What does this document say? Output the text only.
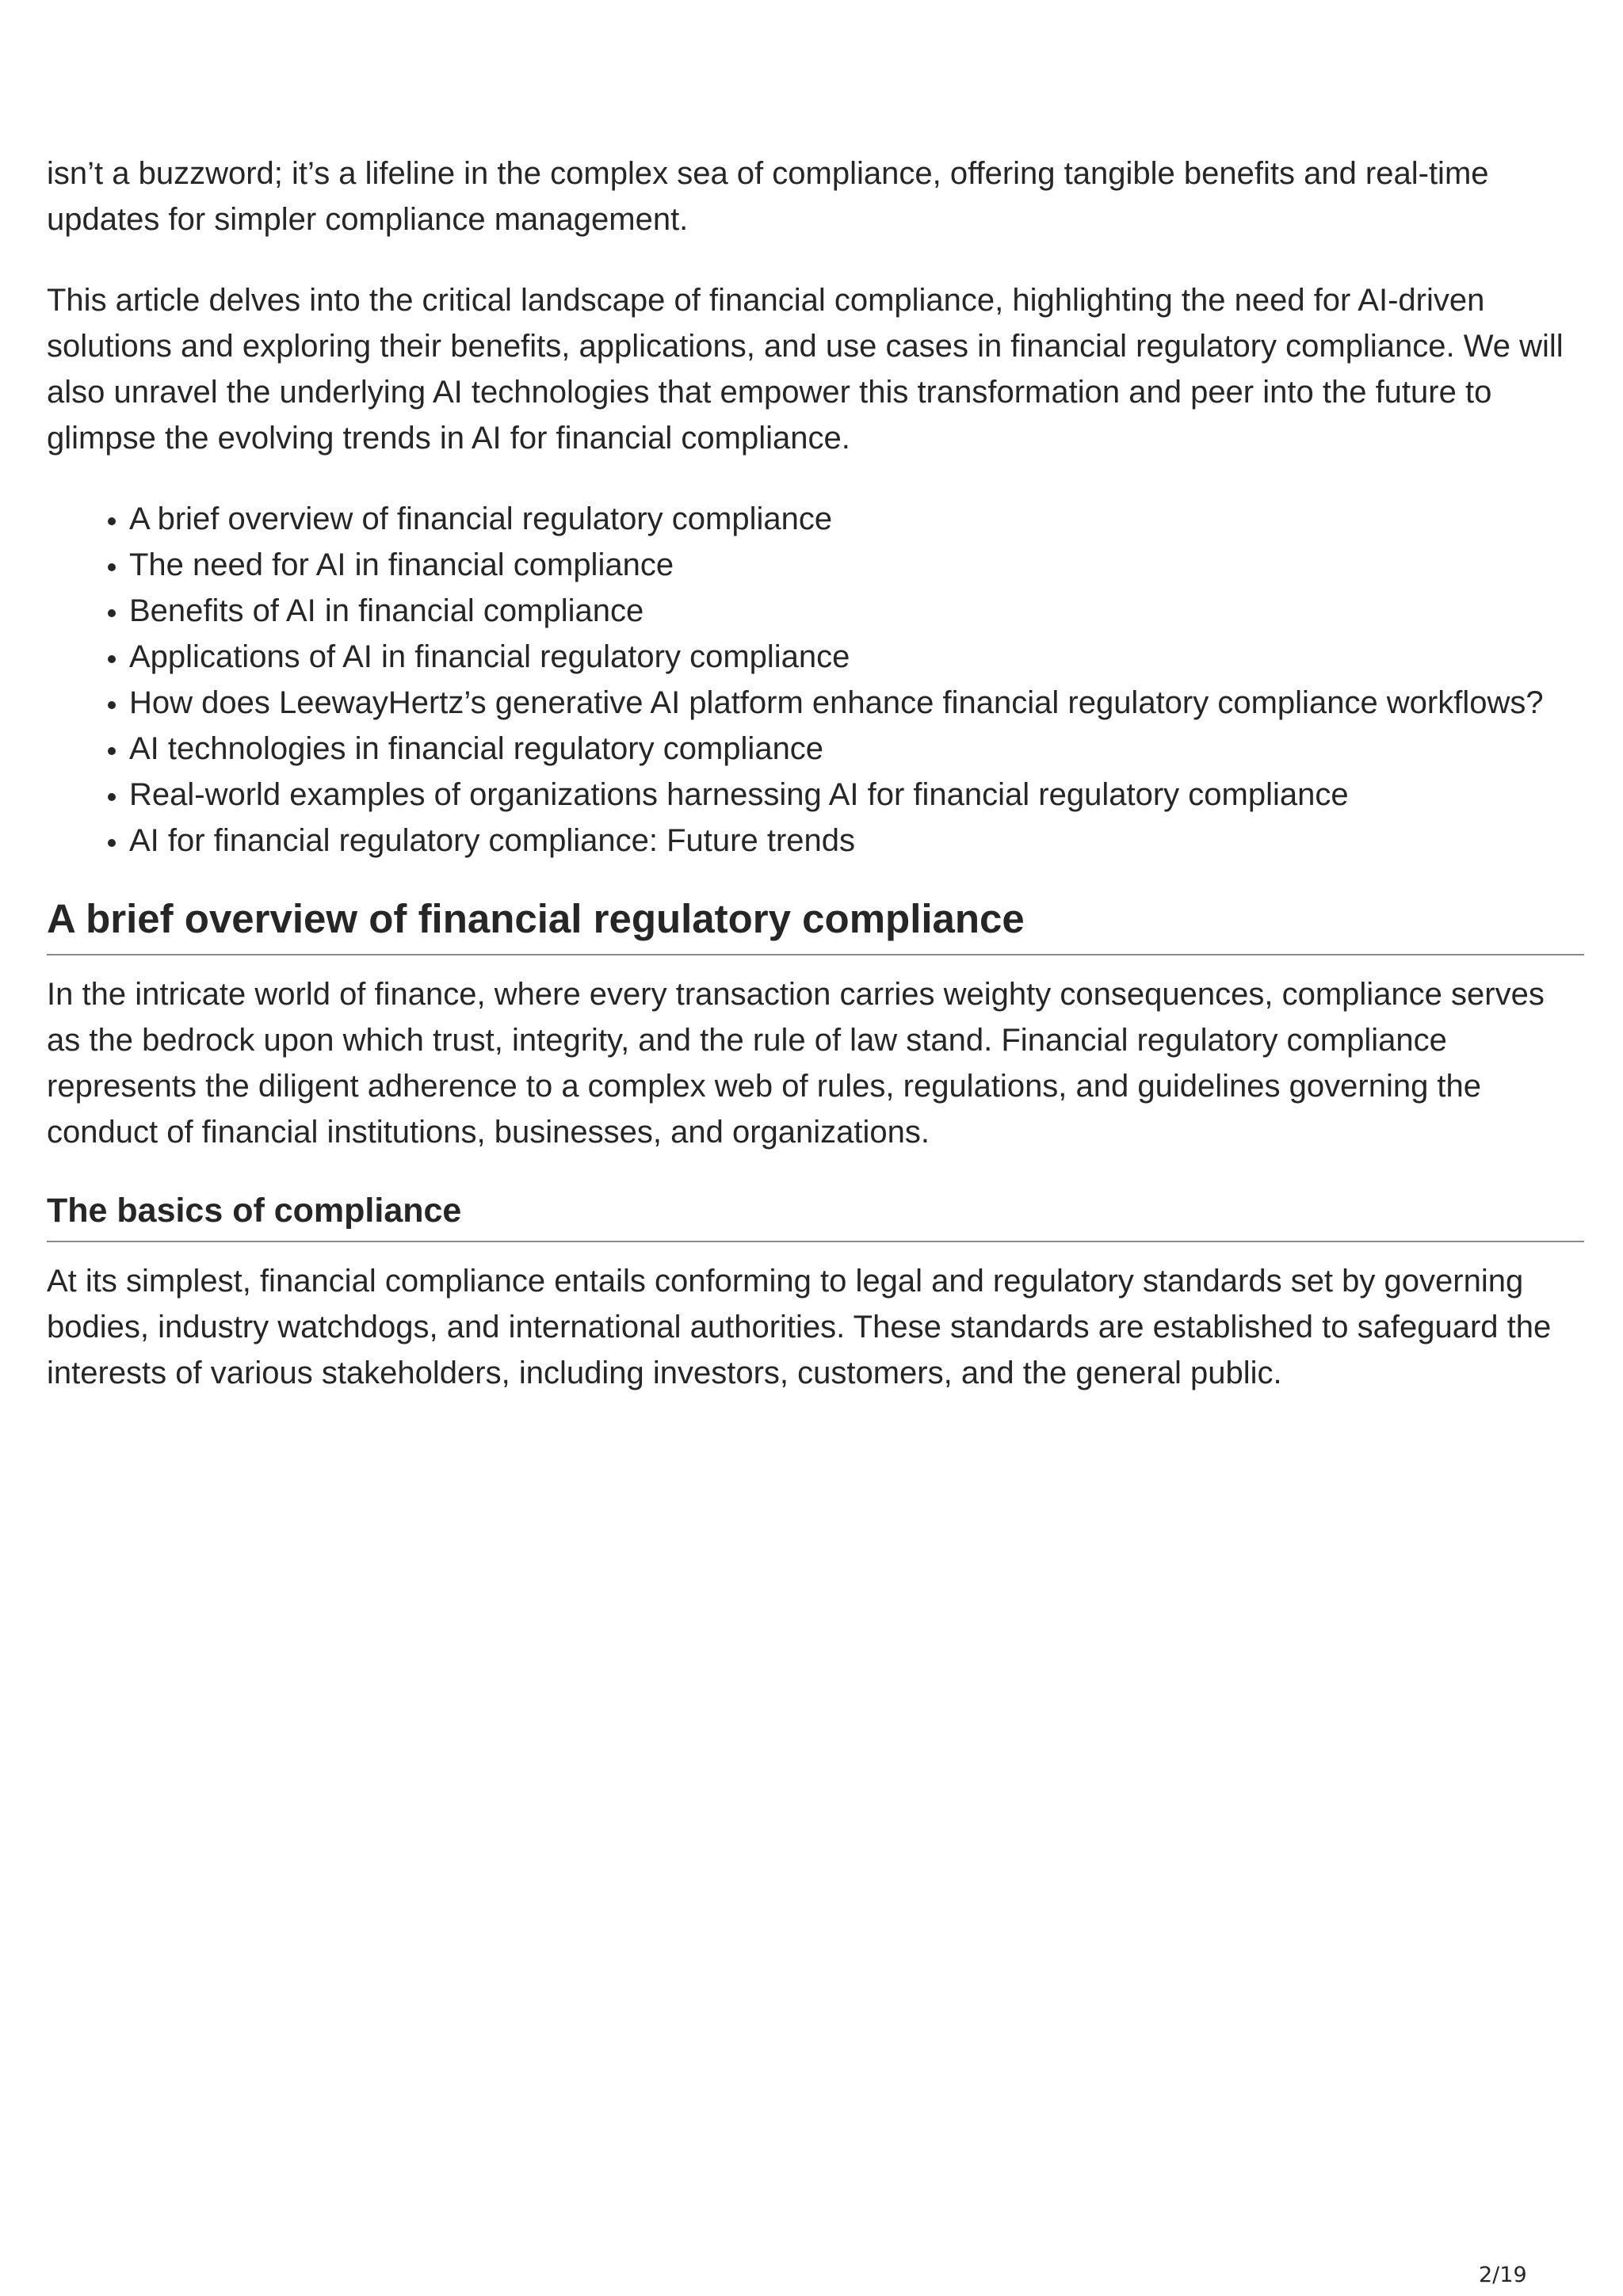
isn’t a buzzword; it’s a lifeline in the complex sea of compliance, offering tangible benefits and real-time updates for simpler compliance management.

This article delves into the critical landscape of financial compliance, highlighting the need for AI-driven solutions and exploring their benefits, applications, and use cases in financial regulatory compliance. We will also unravel the underlying AI technologies that empower this transformation and peer into the future to glimpse the evolving trends in AI for financial compliance.

• A brief overview of financial regulatory compliance
• The need for AI in financial compliance
• Benefits of AI in financial compliance
• Applications of AI in financial regulatory compliance
• How does LeewayHertz’s generative AI platform enhance financial regulatory compliance workflows?
• AI technologies in financial regulatory compliance
• Real-world examples of organizations harnessing AI for financial regulatory compliance
• AI for financial regulatory compliance: Future trends
A brief overview of financial regulatory compliance

In the intricate world of finance, where every transaction carries weighty consequences, compliance serves as the bedrock upon which trust, integrity, and the rule of law stand. Financial regulatory compliance represents the diligent adherence to a complex web of rules, regulations, and guidelines governing the conduct of financial institutions, businesses, and organizations.

The basics of compliance

At its simplest, financial compliance entails conforming to legal and regulatory standards set by governing bodies, industry watchdogs, and international authorities. These standards are established to safeguard the interests of various stakeholders, including investors, customers, and the general public.

2/19
